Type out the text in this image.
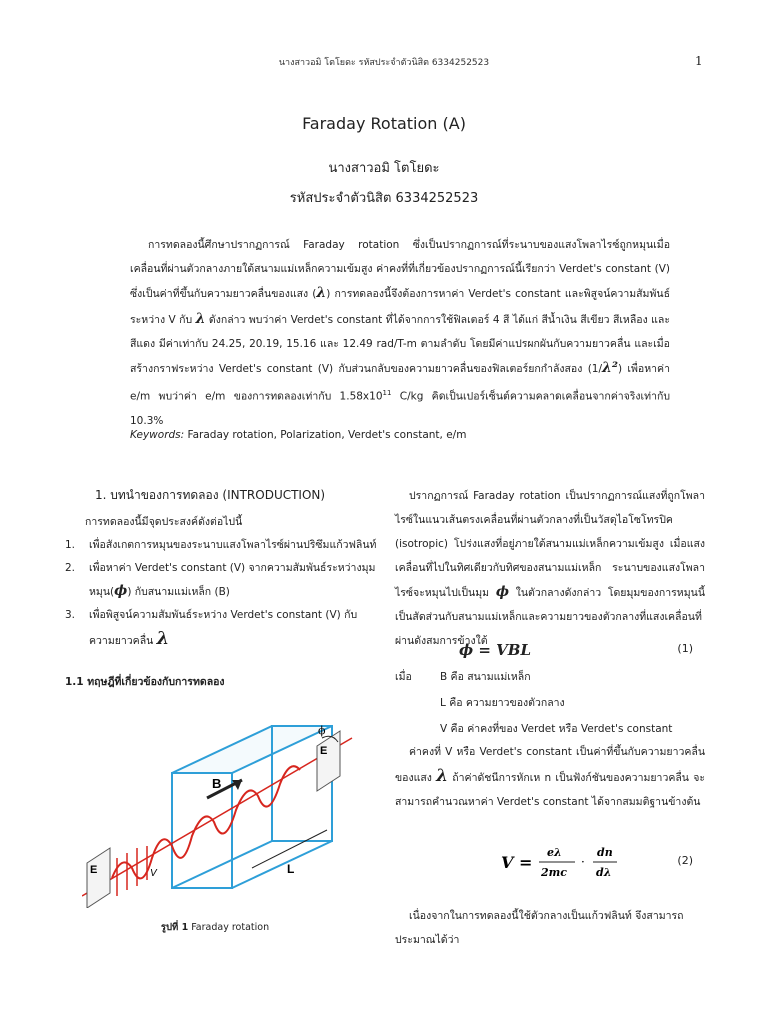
นางสาวอมิ โตโยดะ รหัสประจำตัวนิสิต 6334252523	1
Faraday Rotation (A)
นางสาวอมิ โตโยดะ
รหัสประจำตัวนิสิต 6334252523

การทดลองนี้ศึกษาปรากฏการณ์ Faraday rotation ซึ่งเป็นปรากฏการณ์ที่ระนาบของแสงโพลาไรซ์ถูกหมุนเมื่อเคลื่อนที่ผ่านตัวกลางภายใต้สนามแม่เหล็กความเข้มสูง ค่าคงที่ที่เกี่ยวข้องปรากฏการณ์นี้เรียกว่า Verdet's constant (V) ซึ่งเป็นค่าที่ขึ้นกับความยาวคลื่นของแสง (λ) การทดลองนี้จึงต้องการหาค่า Verdet's constant และพิสูจน์ความสัมพันธ์ระหว่าง V กับ λ ดังกล่าว พบว่าค่า Verdet's constant ที่ได้จากการใช้ฟิลเตอร์ 4 สี ได้แก่ สีน้ำเงิน สีเขียว สีเหลือง และสีแดง มีค่าเท่ากับ 24.25, 20.19, 15.16 และ 12.49 rad/T-m ตามลำดับ โดยมีค่าแปรผกผันกับความยาวคลื่น และเมื่อสร้างกราฟระหว่าง Verdet's constant (V) กับส่วนกลับของความยาวคลื่นของฟิลเตอร์ยกกำลังสอง (1/λ²) เพื่อหาค่า e/m พบว่าค่า e/m ของการทดลองเท่ากับ $1.58x10^{11}$ C/kg คิดเป็นเปอร์เซ็นต์ความคลาดเคลื่อนจากค่าจริงเท่ากับ 10.3%

Keywords: Faraday rotation, Polarization, Verdet's constant, e/m
1. บทนำของการทดลอง (INTRODUCTION)

การทดลองนี้มีจุดประสงค์ดังต่อไปนี้

1. เพื่อสังเกตการหมุนของระนาบแสงโพลาไรซ์ผ่านปริซึมแก้วฟลินท์
2. เพื่อหาค่า Verdet's constant (V) จากความสัมพันธ์ระหว่างมุมหมุน(ϕ) กับสนามแม่เหล็ก (B)
3. เพื่อพิสูจน์ความสัมพันธ์ระหว่าง Verdet's constant (V) กับความยาวคลื่น λ
1.1 ทฤษฎีที่เกี่ยวข้องกับการทดลอง
B
L
E
E
V
ϕ
รูปที่ 1 Faraday rotation

ปรากฏการณ์ Faraday rotation เป็นปรากฏการณ์แสงที่ถูกโพลาไรซ์ในแนวเส้นตรงเคลื่อนที่ผ่านตัวกลางที่เป็นวัสดุไอโซโทรปิค (isotropic) โปร่งแสงที่อยู่ภายใต้สนามแม่เหล็กความเข้มสูง เมื่อแสงเคลื่อนที่ไปในทิศเดียวกับทิศของสนามแม่เหล็ก ระนาบของแสงโพลาไรซ์จะหมุนไปเป็นมุม ϕ ในตัวกลางดังกล่าว โดยมุมของการหมุนนี้เป็นสัดส่วนกับสนามแม่เหล็กและความยาวของตัวกลางที่แสงเคลื่อนที่ผ่านดังสมการข้างใต้

ϕ = VBL	(1)
เมื่อ	B คือ สนามแม่เหล็ก
L คือ ความยาวของตัวกลาง
V คือ ค่าคงที่ของ Verdet หรือ Verdet's constant

ค่าคงที่ V หรือ Verdet's constant เป็นค่าที่ขึ้นกับความยาวคลื่นของแสง λ ถ้าค่าดัชนีการหักเห n เป็นฟังก์ชันของความยาวคลื่น จะสามารถคำนวณหาค่า Verdet's constant ได้จากสมมติฐานข้างต้น

V =
eλ
2mc
·
dn
dλ
(2)

เนื่องจากในการทดลองนี้ใช้ตัวกลางเป็นแก้วฟลินท์ จึงสามารถประมาณได้ว่า
